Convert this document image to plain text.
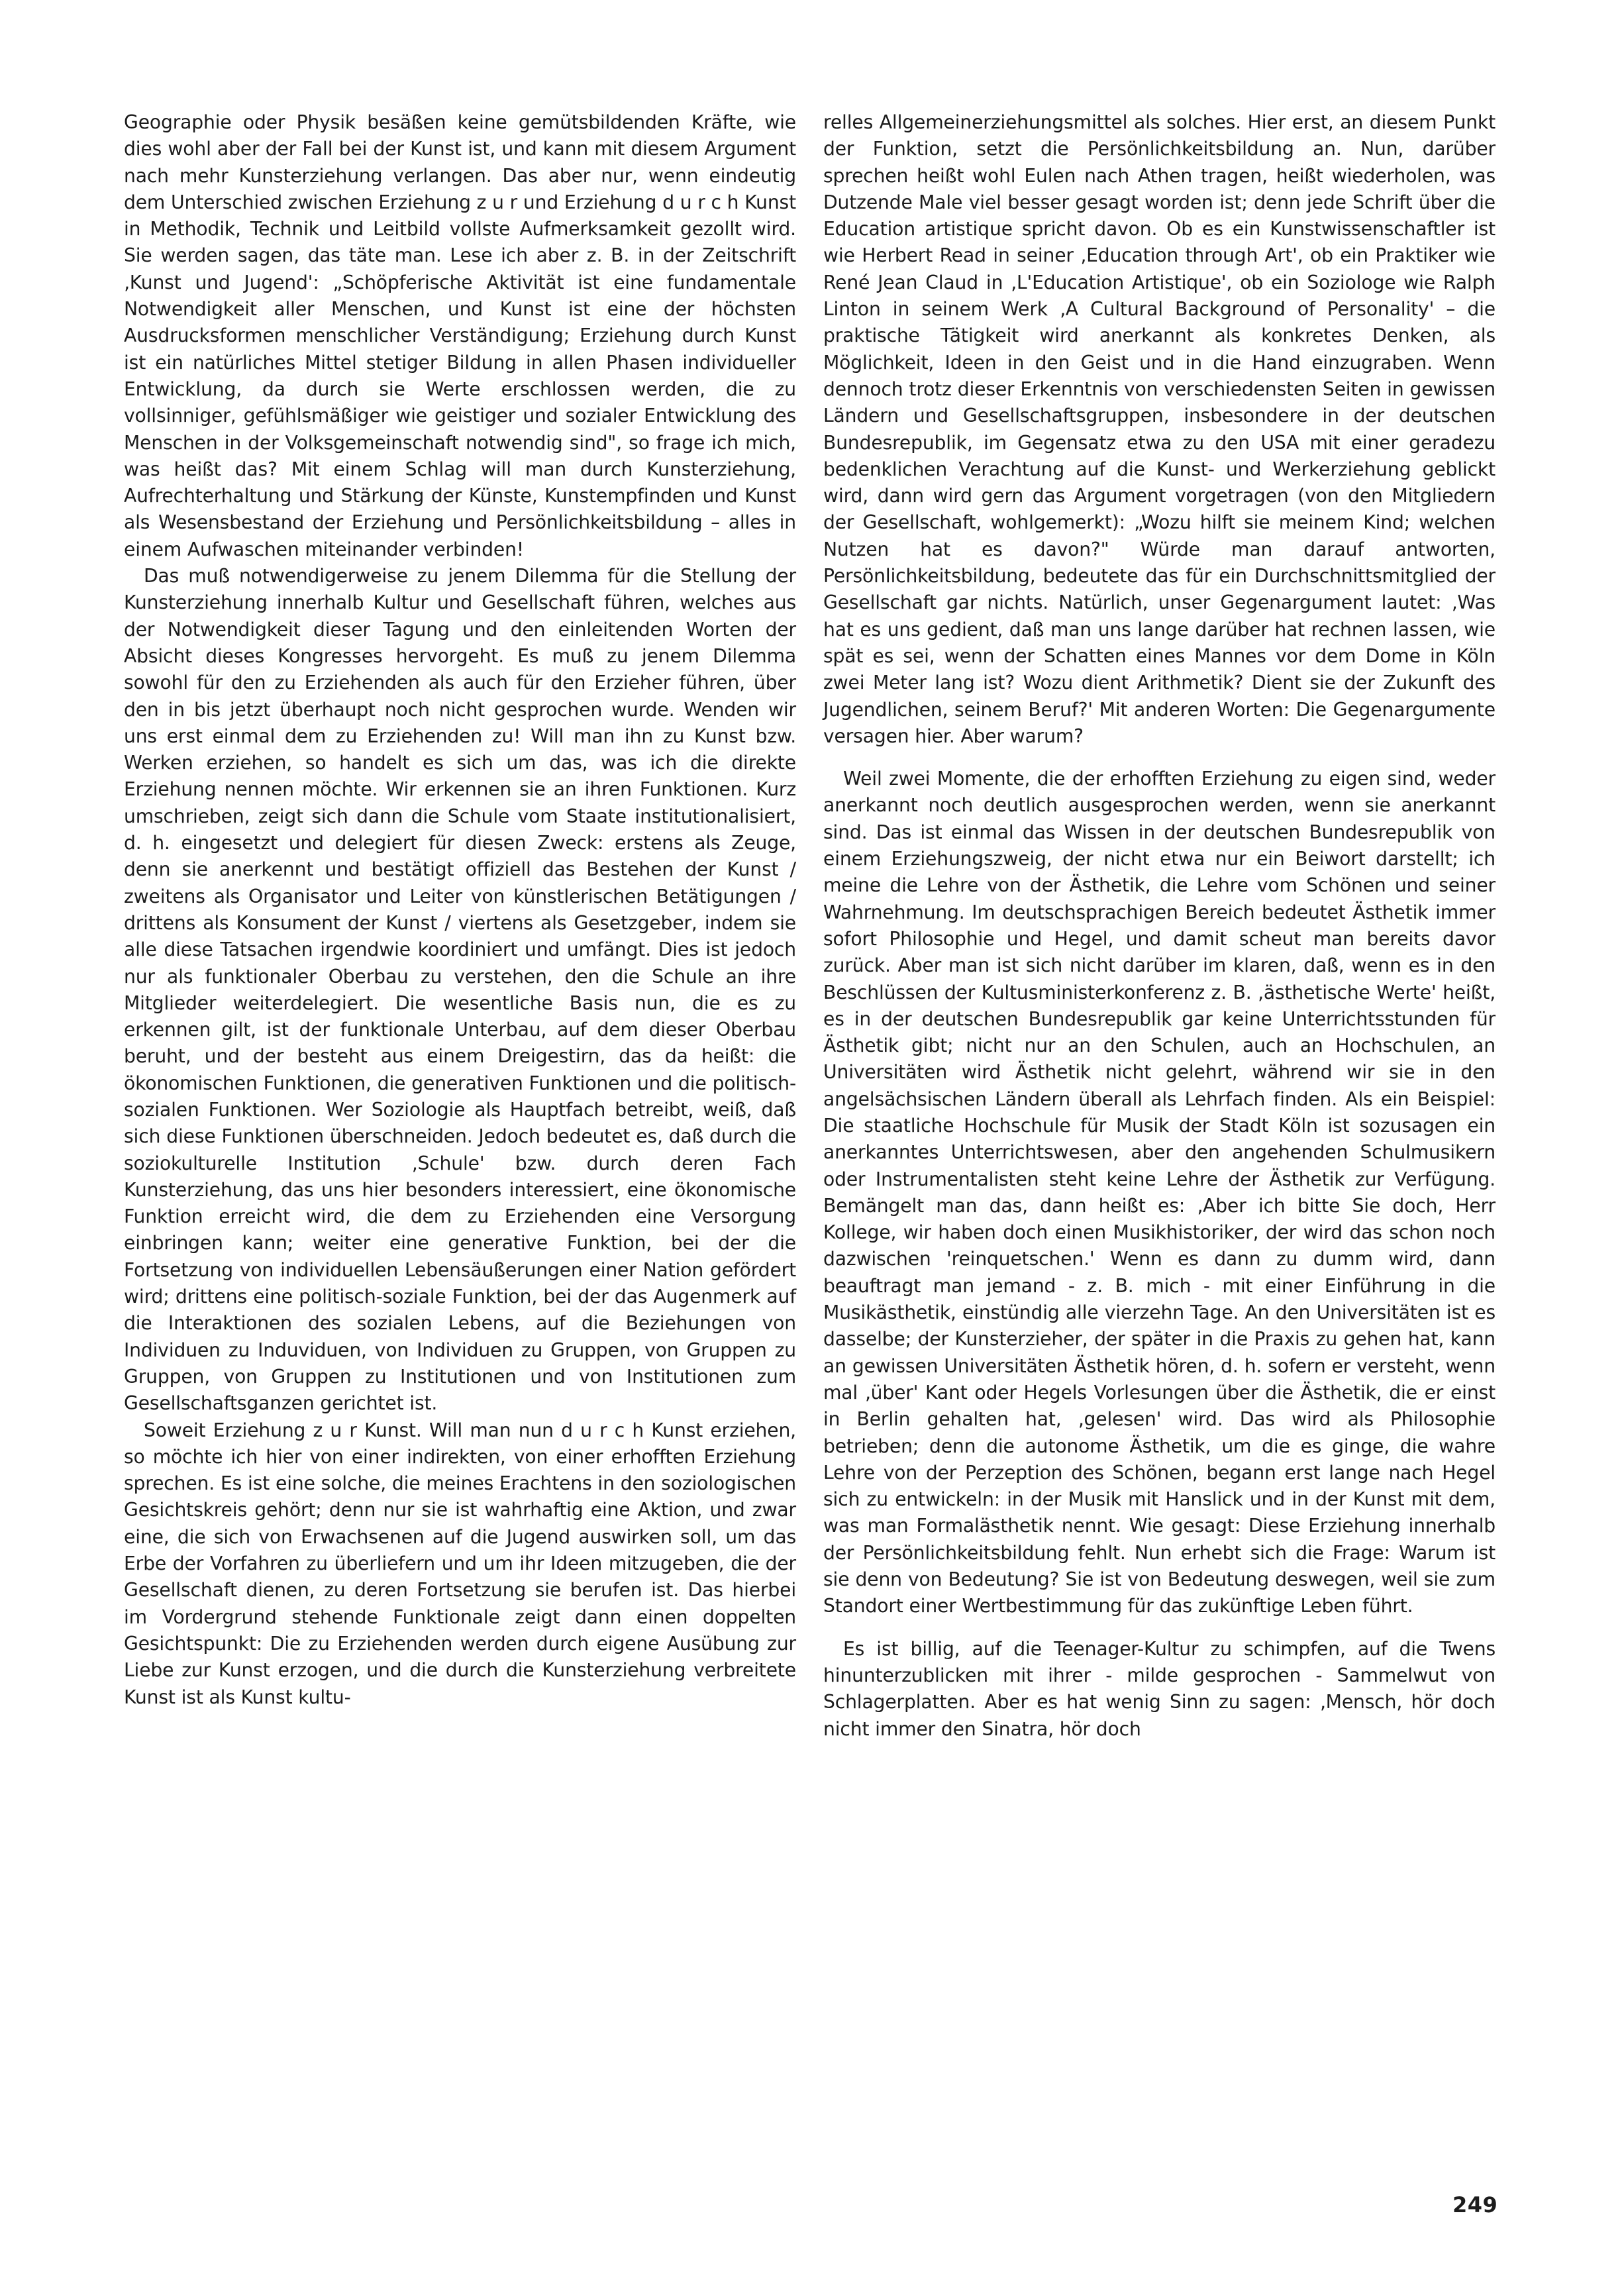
Geographie oder Physik besäßen keine gemütsbildenden Kräfte, wie dies wohl aber der Fall bei der Kunst ist, und kann mit diesem Argument nach mehr Kunsterziehung verlangen. Das aber nur, wenn eindeutig dem Unterschied zwischen Erziehung z u r und Erziehung d u r c h Kunst in Methodik, Technik und Leitbild vollste Aufmerksamkeit gezollt wird. Sie werden sagen, das täte man. Lese ich aber z. B. in der Zeitschrift ‚Kunst und Jugend': „Schöpferische Aktivität ist eine fundamentale Notwendigkeit aller Menschen, und Kunst ist eine der höchsten Ausdrucksformen menschlicher Verständigung; Erziehung durch Kunst ist ein natürliches Mittel stetiger Bildung in allen Phasen individueller Entwicklung, da durch sie Werte erschlossen werden, die zu vollsinniger, gefühlsmäßiger wie geistiger und sozialer Entwicklung des Menschen in der Volksgemeinschaft notwendig sind", so frage ich mich, was heißt das? Mit einem Schlag will man durch Kunsterziehung, Aufrechterhaltung und Stärkung der Künste, Kunstempfinden und Kunst als Wesensbestand der Erziehung und Persönlichkeitsbildung – alles in einem Aufwaschen miteinander verbinden!

Das muß notwendigerweise zu jenem Dilemma für die Stellung der Kunsterziehung innerhalb Kultur und Gesellschaft führen, welches aus der Notwendigkeit dieser Tagung und den einleitenden Worten der Absicht dieses Kongresses hervorgeht. Es muß zu jenem Dilemma sowohl für den zu Erziehenden als auch für den Erzieher führen, über den in bis jetzt überhaupt noch nicht gesprochen wurde. Wenden wir uns erst einmal dem zu Erziehenden zu! Will man ihn zu Kunst bzw. Werken erziehen, so handelt es sich um das, was ich die direkte Erziehung nennen möchte. Wir erkennen sie an ihren Funktionen. Kurz umschrieben, zeigt sich dann die Schule vom Staate institutionalisiert, d. h. eingesetzt und delegiert für diesen Zweck: erstens als Zeuge, denn sie anerkennt und bestätigt offiziell das Bestehen der Kunst / zweitens als Organisator und Leiter von künstlerischen Betätigungen / drittens als Konsument der Kunst / viertens als Gesetzgeber, indem sie alle diese Tatsachen irgendwie koordiniert und umfängt. Dies ist jedoch nur als funktionaler Oberbau zu verstehen, den die Schule an ihre Mitglieder weiterdelegiert. Die wesentliche Basis nun, die es zu erkennen gilt, ist der funktionale Unterbau, auf dem dieser Oberbau beruht, und der besteht aus einem Dreigestirn, das da heißt: die ökonomischen Funktionen, die generativen Funktionen und die politisch-sozialen Funktionen. Wer Soziologie als Hauptfach betreibt, weiß, daß sich diese Funktionen überschneiden. Jedoch bedeutet es, daß durch die soziokulturelle Institution ‚Schule' bzw. durch deren Fach Kunsterziehung, das uns hier besonders interessiert, eine ökonomische Funktion erreicht wird, die dem zu Erziehenden eine Versorgung einbringen kann; weiter eine generative Funktion, bei der die Fortsetzung von individuellen Lebensäußerungen einer Nation gefördert wird; drittens eine politisch-soziale Funktion, bei der das Augenmerk auf die Interaktionen des sozialen Lebens, auf die Beziehungen von Individuen zu Induviduen, von Individuen zu Gruppen, von Gruppen zu Gruppen, von Gruppen zu Institutionen und von Institutionen zum Gesellschaftsganzen gerichtet ist.

Soweit Erziehung z u r Kunst. Will man nun d u r c h Kunst erziehen, so möchte ich hier von einer indirekten, von einer erhofften Erziehung sprechen. Es ist eine solche, die meines Erachtens in den soziologischen Gesichtskreis gehört; denn nur sie ist wahrhaftig eine Aktion, und zwar eine, die sich von Erwachsenen auf die Jugend auswirken soll, um das Erbe der Vorfahren zu überliefern und um ihr Ideen mitzugeben, die der Gesellschaft dienen, zu deren Fortsetzung sie berufen ist. Das hierbei im Vordergrund stehende Funktionale zeigt dann einen doppelten Gesichtspunkt: Die zu Erziehenden werden durch eigene Ausübung zur Liebe zur Kunst erzogen, und die durch die Kunsterziehung verbreitete Kunst ist als Kunst kultu-

relles Allgemeinerziehungsmittel als solches. Hier erst, an diesem Punkt der Funktion, setzt die Persönlichkeitsbildung an. Nun, darüber sprechen heißt wohl Eulen nach Athen tragen, heißt wiederholen, was Dutzende Male viel besser gesagt worden ist; denn jede Schrift über die Education artistique spricht davon. Ob es ein Kunstwissenschaftler ist wie Herbert Read in seiner ‚Education through Art', ob ein Praktiker wie René Jean Claud in ‚L'Education Artistique', ob ein Soziologe wie Ralph Linton in seinem Werk ‚A Cultural Background of Personality' – die praktische Tätigkeit wird anerkannt als konkretes Denken, als Möglichkeit, Ideen in den Geist und in die Hand einzugraben. Wenn dennoch trotz dieser Erkenntnis von verschiedensten Seiten in gewissen Ländern und Gesellschaftsgruppen, insbesondere in der deutschen Bundesrepublik, im Gegensatz etwa zu den USA mit einer geradezu bedenklichen Verachtung auf die Kunst- und Werkerziehung geblickt wird, dann wird gern das Argument vorgetragen (von den Mitgliedern der Gesellschaft, wohlgemerkt): „Wozu hilft sie meinem Kind; welchen Nutzen hat es davon?" Würde man darauf antworten, Persönlichkeitsbildung, bedeutete das für ein Durchschnittsmitglied der Gesellschaft gar nichts. Natürlich, unser Gegenargument lautet: ‚Was hat es uns gedient, daß man uns lange darüber hat rechnen lassen, wie spät es sei, wenn der Schatten eines Mannes vor dem Dome in Köln zwei Meter lang ist? Wozu dient Arithmetik? Dient sie der Zukunft des Jugendlichen, seinem Beruf?' Mit anderen Worten: Die Gegenargumente versagen hier. Aber warum?

Weil zwei Momente, die der erhofften Erziehung zu eigen sind, weder anerkannt noch deutlich ausgesprochen werden, wenn sie anerkannt sind. Das ist einmal das Wissen in der deutschen Bundesrepublik von einem Erziehungszweig, der nicht etwa nur ein Beiwort darstellt; ich meine die Lehre von der Ästhetik, die Lehre vom Schönen und seiner Wahrnehmung. Im deutschsprachigen Bereich bedeutet Ästhetik immer sofort Philosophie und Hegel, und damit scheut man bereits davor zurück. Aber man ist sich nicht darüber im klaren, daß, wenn es in den Beschlüssen der Kultusministerkonferenz z. B. ‚ästhetische Werte' heißt, es in der deutschen Bundesrepublik gar keine Unterrichtsstunden für Ästhetik gibt; nicht nur an den Schulen, auch an Hochschulen, an Universitäten wird Ästhetik nicht gelehrt, während wir sie in den angelsächsischen Ländern überall als Lehrfach finden. Als ein Beispiel: Die staatliche Hochschule für Musik der Stadt Köln ist sozusagen ein anerkanntes Unterrichtswesen, aber den angehenden Schulmusikern oder Instrumentalisten steht keine Lehre der Ästhetik zur Verfügung. Bemängelt man das, dann heißt es: ‚Aber ich bitte Sie doch, Herr Kollege, wir haben doch einen Musikhistoriker, der wird das schon noch dazwischen 'reinquetschen.' Wenn es dann zu dumm wird, dann beauftragt man jemand - z. B. mich - mit einer Einführung in die Musikästhetik, einstündig alle vierzehn Tage. An den Universitäten ist es dasselbe; der Kunsterzieher, der später in die Praxis zu gehen hat, kann an gewissen Universitäten Ästhetik hören, d. h. sofern er versteht, wenn mal ‚über' Kant oder Hegels Vorlesungen über die Ästhetik, die er einst in Berlin gehalten hat, ‚gelesen' wird. Das wird als Philosophie betrieben; denn die autonome Ästhetik, um die es ginge, die wahre Lehre von der Perzeption des Schönen, begann erst lange nach Hegel sich zu entwickeln: in der Musik mit Hanslick und in der Kunst mit dem, was man Formalästhetik nennt. Wie gesagt: Diese Erziehung innerhalb der Persönlichkeitsbildung fehlt. Nun erhebt sich die Frage: Warum ist sie denn von Bedeutung? Sie ist von Bedeutung deswegen, weil sie zum Standort einer Wertbestimmung für das zukünftige Leben führt.

Es ist billig, auf die Teenager-Kultur zu schimpfen, auf die Twens hinunterzublicken mit ihrer - milde gesprochen - Sammelwut von Schlagerplatten. Aber es hat wenig Sinn zu sagen: ‚Mensch, hör doch nicht immer den Sinatra, hör doch

249
